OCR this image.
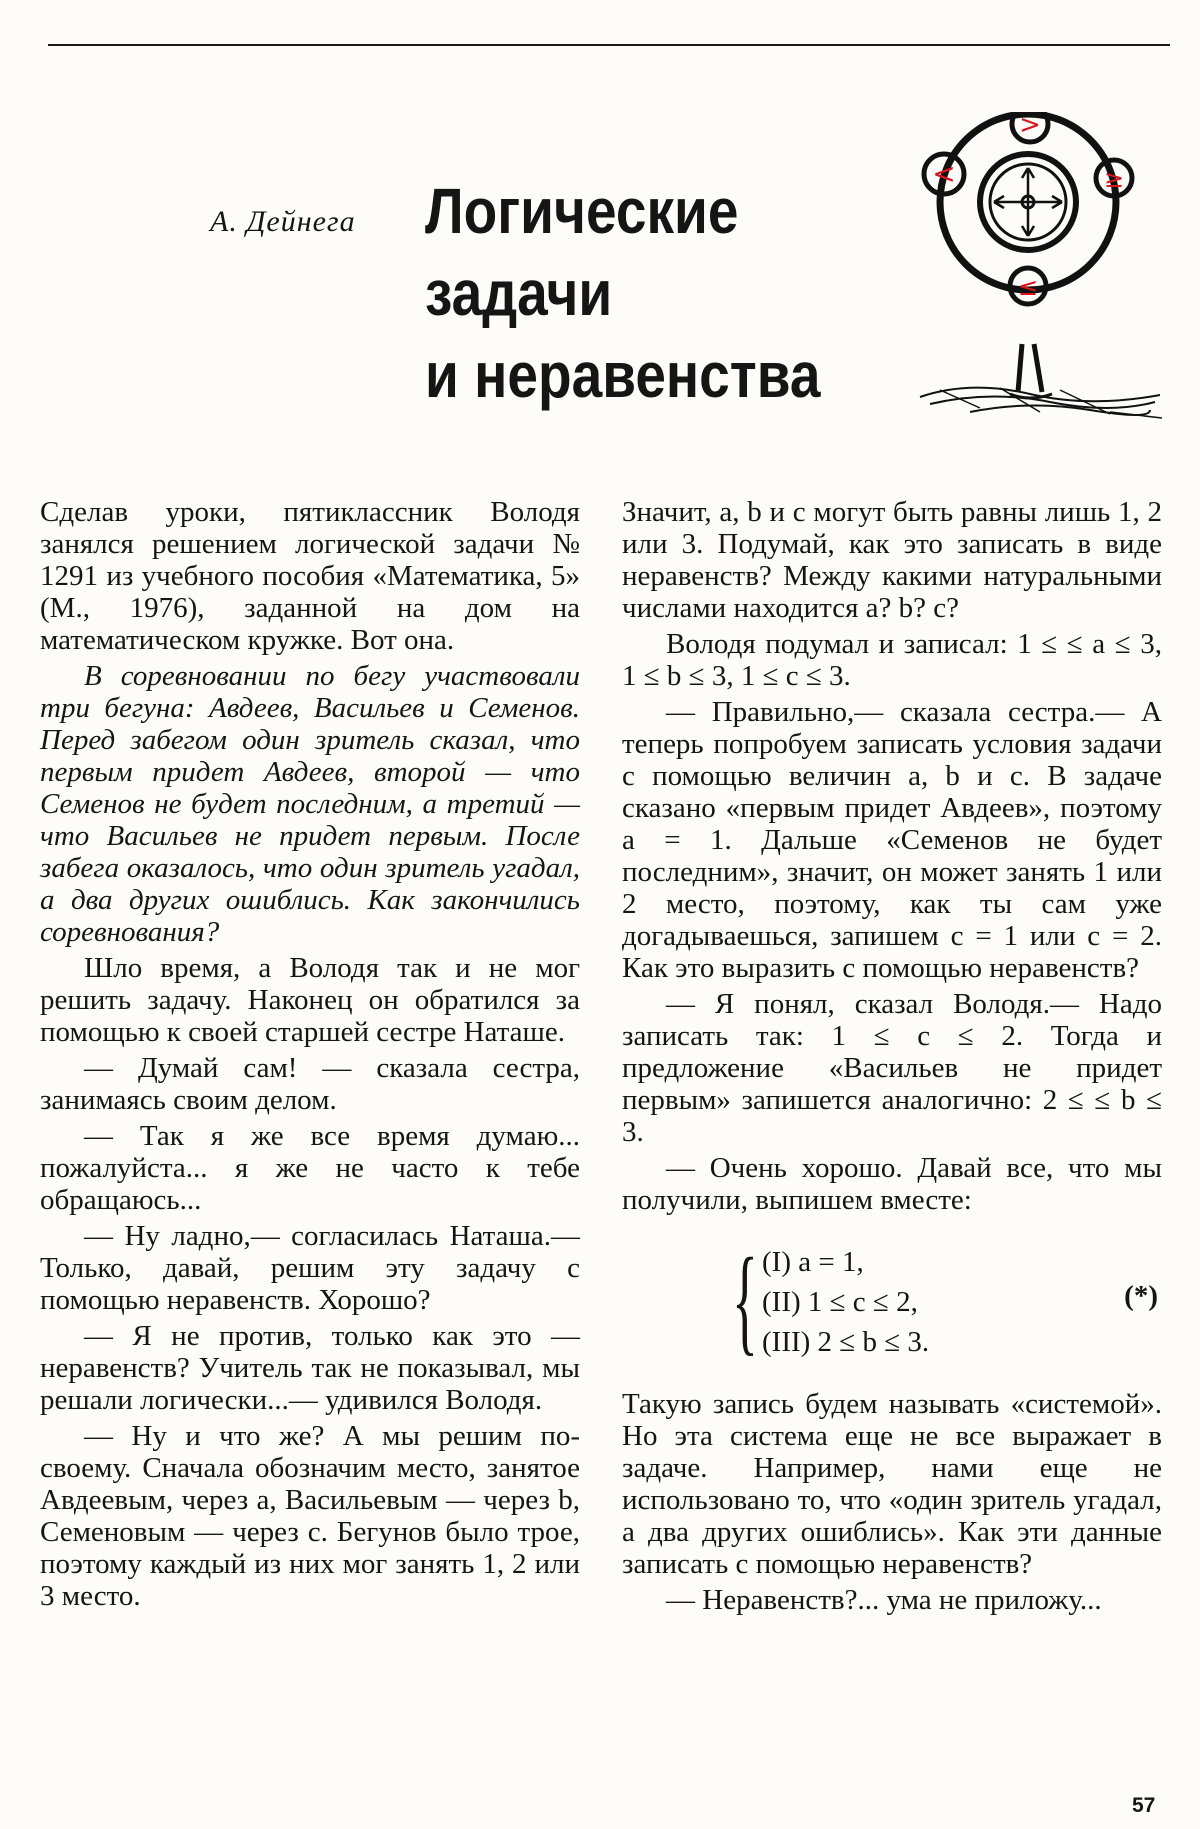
А. Дейнега Логические
задачи
и неравенства
>
<	≥
≤

Сделав уроки, пятиклассник Володя занялся решением логической задачи № 1291 из учебного пособия «Математика, 5» (М., 1976), заданной на дом на математическом кружке. Вот она.

В соревновании по бегу участвовали три бегуна: Авдеев, Васильев и Семенов. Перед забегом один зритель сказал, что первым придет Авдеев, второй — что Семенов не будет последним, а третий — что Васильев не придет первым. После забега оказалось, что один зритель угадал, а два других ошиблись. Как закончились соревнования?

Шло время, а Володя так и не мог решить задачу. Наконец он обратился за помощью к своей старшей сестре Наташе.

— Думай сам! — сказала сестра, занимаясь своим делом.

— Так я же все время думаю... пожалуйста... я же не часто к тебе обращаюсь...

— Ну ладно,— согласилась Наташа.— Только, давай, решим эту задачу с помощью неравенств. Хорошо?

— Я не против, только как это — неравенств? Учитель так не показывал, мы решали логически...— удивился Володя.

— Ну и что же? А мы решим по-своему. Сначала обозначим место, занятое Авдеевым, через a, Васильевым — через b, Семеновым — через c. Бегунов было трое, поэтому каждый из них мог занять 1, 2 или 3 место.

Значит, a, b и c могут быть равны лишь 1, 2 или 3. Подумай, как это записать в виде неравенств? Между какими натуральными числами находится a? b? c?

Володя подумал и записал: 1 ≤ ≤ a ≤ 3, 1 ≤ b ≤ 3, 1 ≤ c ≤ 3.

— Правильно,— сказала сестра.— А теперь попробуем записать условия задачи с помощью величин a, b и c. В задаче сказано «первым придет Авдеев», поэтому a = 1. Дальше «Семенов не будет последним», значит, он может занять 1 или 2 место, поэтому, как ты сам уже догадываешься, запишем c = 1 или c = 2. Как это выразить с помощью неравенств?

— Я понял, сказал Володя.— Надо записать так: 1 ≤ c ≤ 2. Тогда и предложение «Васильев не придет первым» запишется аналогично: 2 ≤ ≤ b ≤ 3.

— Очень хорошо. Давай все, что мы получили, выпишем вместе:

{ (I) a = 1,
(II) 1 ≤ c ≤ 2,
(III) 2 ≤ b ≤ 3.
(*)

Такую запись будем называть «системой». Но эта система еще не все выражает в задаче. Например, нами еще не использовано то, что «один зритель угадал, а два других ошиблись». Как эти данные записать с помощью неравенств?

— Неравенств?... ума не приложу...

57
